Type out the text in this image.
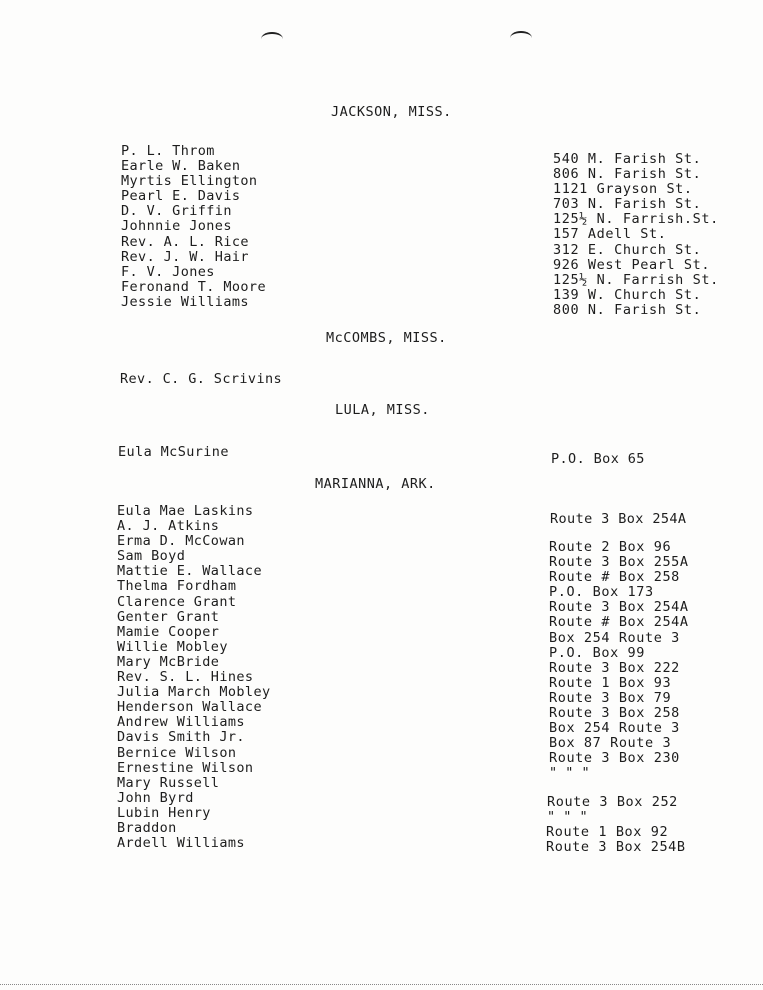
JACKSON, MISS.
P. L. Throm
Earle W. Baken
Myrtis Ellington
Pearl E. Davis
D. V. Griffin
Johnnie Jones
Rev. A. L. Rice
Rev. J. W. Hair
F. V. Jones
Feronand T. Moore
Jessie Williams
540 M. Farish St.
806 N. Farish St.
1121 Grayson St.
703 N. Farish St.
125½ N. Farrish.St.
157 Adell St.
312 E. Church St.
926 West Pearl St.
125½ N. Farrish St.
139 W. Church St.
800 N. Farish St.
McCOMBS, MISS.
Rev. C. G. Scrivins
LULA, MISS.
Eula McSurine	P.O. Box 65
MARIANNA, ARK.
Eula Mae Laskins
A. J. Atkins
Erma D. McCowan
Sam Boyd
Mattie E. Wallace
Thelma Fordham
Clarence Grant
Genter Grant
Mamie Cooper
Willie Mobley
Mary McBride
Rev. S. L. Hines
Julia March Mobley
Henderson Wallace
Andrew Williams
Davis Smith Jr.
Bernice Wilson
Ernestine Wilson
Mary Russell
John Byrd
Lubin Henry
Braddon
Ardell Williams
Route 3 Box 254A
Route 2 Box 96
Route 3 Box 255A
Route # Box 258
P.O. Box 173
Route 3 Box 254A
Route # Box 254A
Box 254 Route 3
P.O. Box 99
Route 3 Box 222
Route 1 Box 93
Route 3 Box 79
Route 3 Box 258
Box 254 Route 3
Box 87 Route 3
Route 3 Box 230
" " "
Route 3 Box 252
" " "
Route 1 Box 92
Route 3 Box 254B
